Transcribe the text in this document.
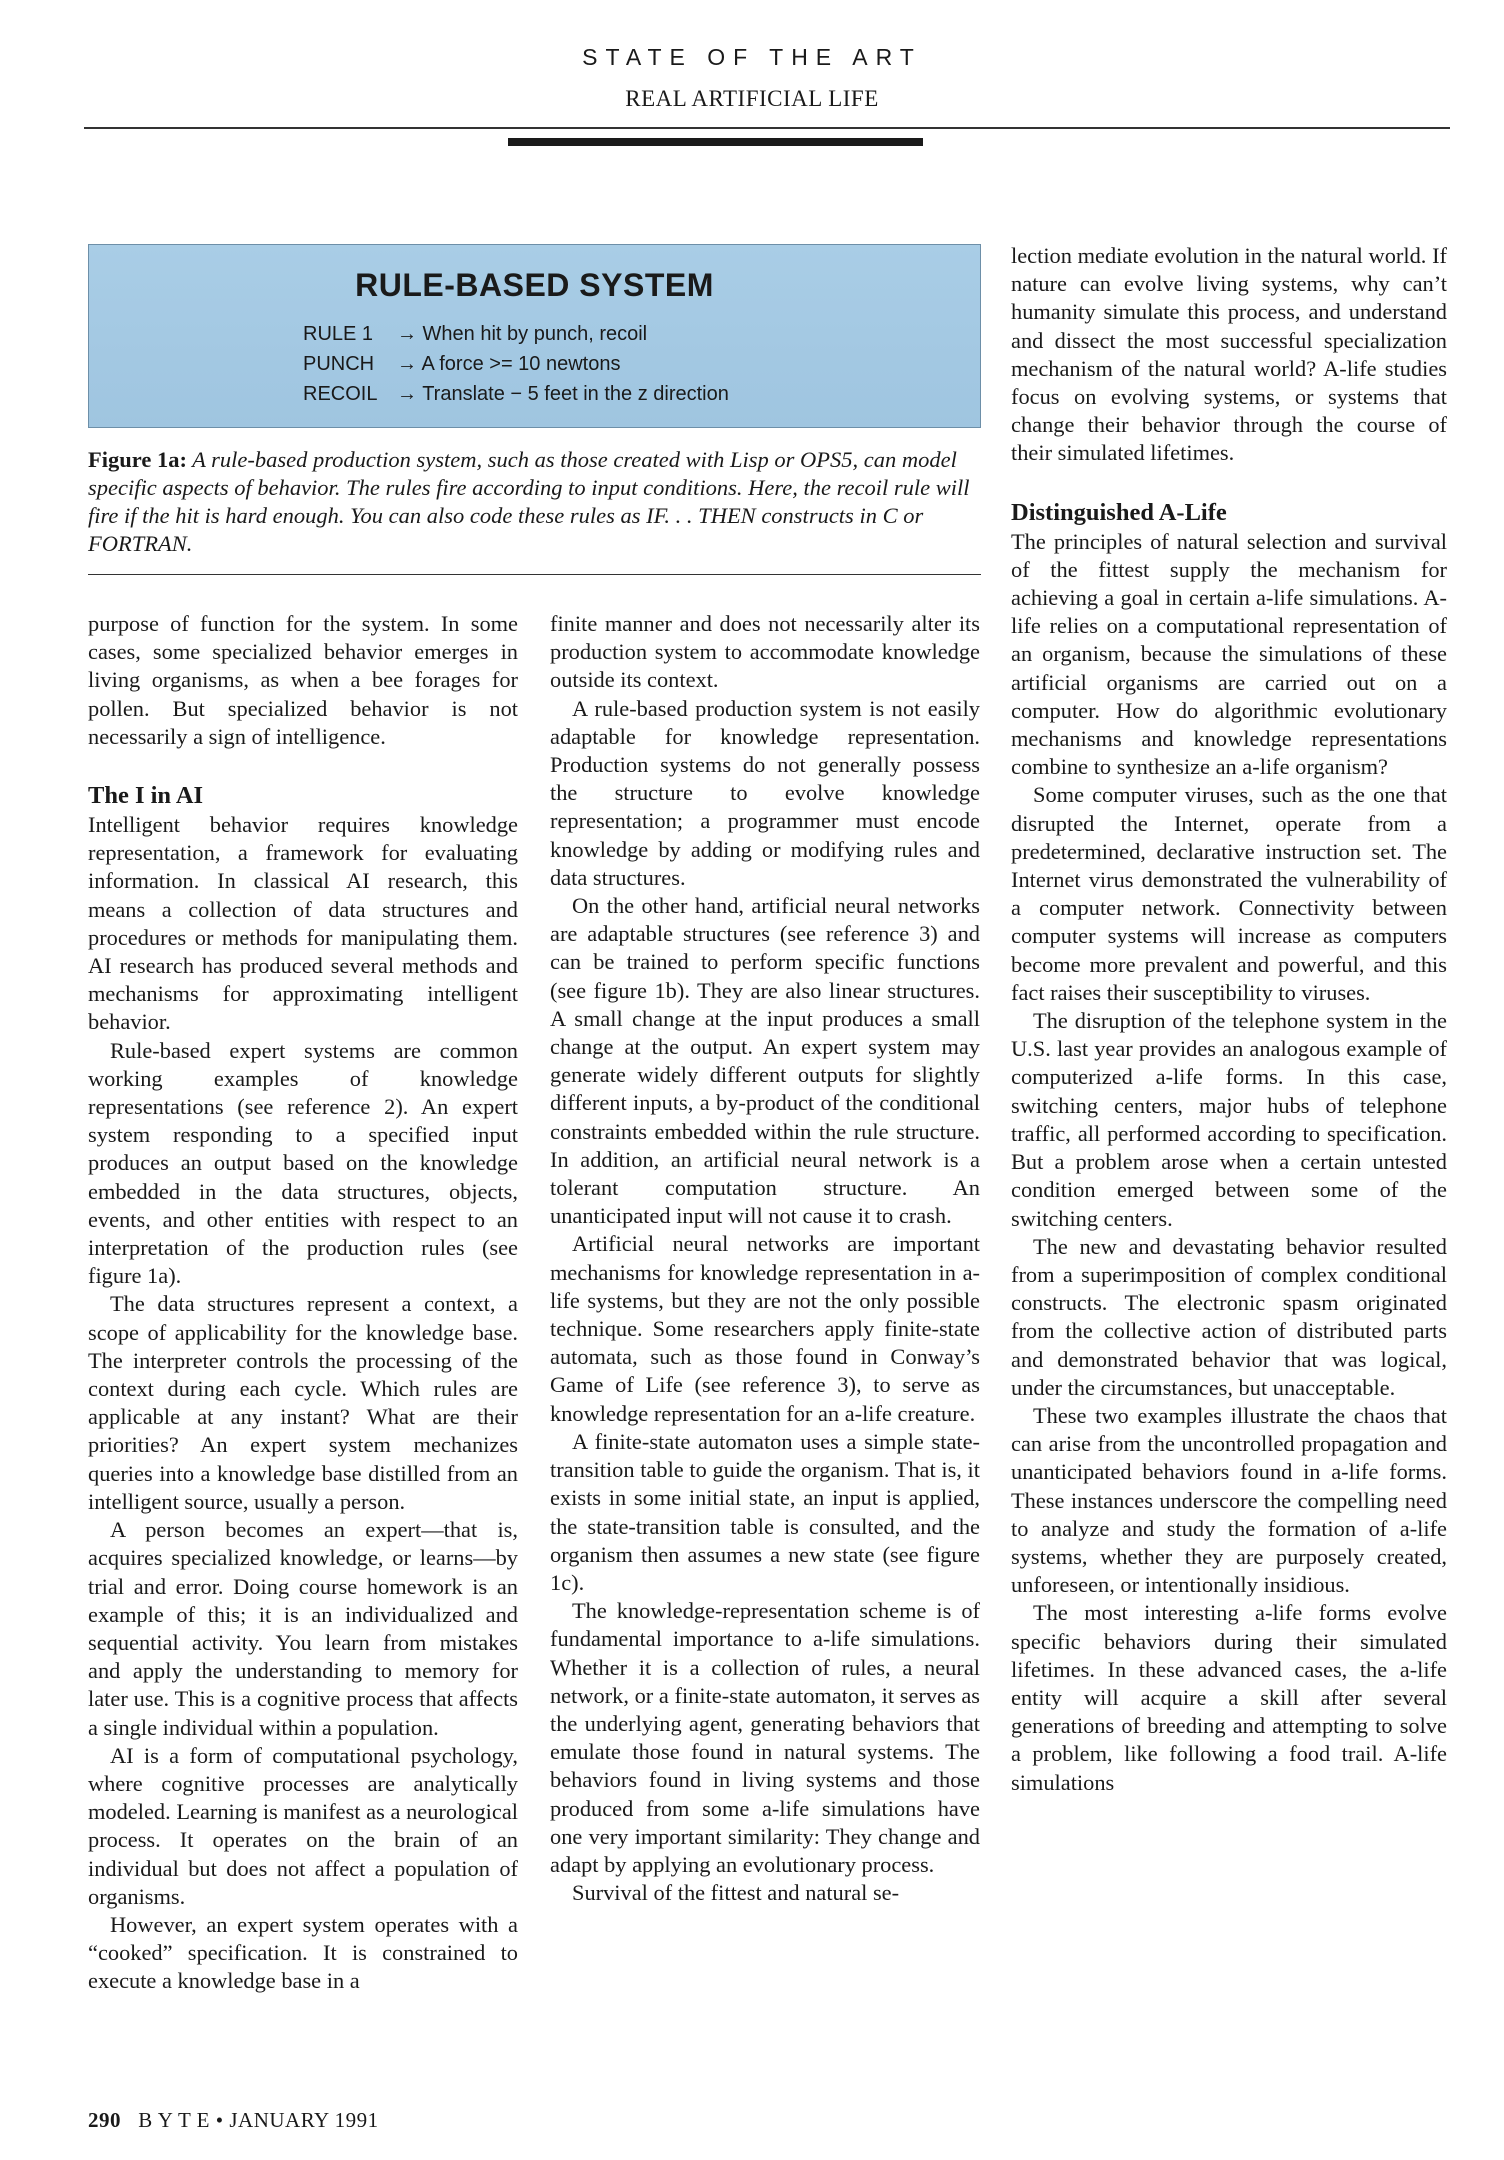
STATE OF THE ART
REAL ARTIFICIAL LIFE
RULE-BASED SYSTEM
RULE 1 → When hit by punch, recoil
PUNCH → A force >= 10 newtons
RECOIL → Translate − 5 feet in the z direction
Figure 1a: A rule-based production system, such as those created with Lisp or OPS5, can model specific aspects of behavior. The rules fire according to input conditions. Here, the recoil rule will fire if the hit is hard enough. You can also code these rules as IF. . . THEN constructs in C or FORTRAN.

purpose of function for the system. In some cases, some specialized behavior emerges in living organisms, as when a bee forages for pollen. But specialized behavior is not necessarily a sign of intelligence.

The I in AI

Intelligent behavior requires knowledge representation, a framework for evaluating information. In classical AI research, this means a collection of data structures and procedures or methods for manipulating them. AI research has produced several methods and mechanisms for approximating intelligent behavior.

Rule-based expert systems are common working examples of knowledge representations (see reference 2). An expert system responding to a specified input produces an output based on the knowledge embedded in the data structures, objects, events, and other entities with respect to an interpretation of the production rules (see figure 1a).

The data structures represent a context, a scope of applicability for the knowledge base. The interpreter controls the processing of the context during each cycle. Which rules are applicable at any instant? What are their priorities? An expert system mechanizes queries into a knowledge base distilled from an intelligent source, usually a person.

A person becomes an expert—that is, acquires specialized knowledge, or learns—by trial and error. Doing course homework is an example of this; it is an individualized and sequential activity. You learn from mistakes and apply the understanding to memory for later use. This is a cognitive process that affects a single individual within a population.

AI is a form of computational psychology, where cognitive processes are analytically modeled. Learning is manifest as a neurological process. It operates on the brain of an individual but does not affect a population of organisms.

However, an expert system operates with a “cooked” specification. It is constrained to execute a knowledge base in a

finite manner and does not necessarily alter its production system to accommodate knowledge outside its context.

A rule-based production system is not easily adaptable for knowledge representation. Production systems do not generally possess the structure to evolve knowledge representation; a programmer must encode knowledge by adding or modifying rules and data structures.

On the other hand, artificial neural networks are adaptable structures (see reference 3) and can be trained to perform specific functions (see figure 1b). They are also linear structures. A small change at the input produces a small change at the output. An expert system may generate widely different outputs for slightly different inputs, a by-product of the conditional constraints embedded within the rule structure. In addition, an artificial neural network is a tolerant computation structure. An unanticipated input will not cause it to crash.

Artificial neural networks are important mechanisms for knowledge representation in a-life systems, but they are not the only possible technique. Some researchers apply finite-state automata, such as those found in Conway’s Game of Life (see reference 3), to serve as knowledge representation for an a-life creature.

A finite-state automaton uses a simple state-transition table to guide the organism. That is, it exists in some initial state, an input is applied, the state-transition table is consulted, and the organism then assumes a new state (see figure 1c).

The knowledge-representation scheme is of fundamental importance to a-life simulations. Whether it is a collection of rules, a neural network, or a finite-state automaton, it serves as the underlying agent, generating behaviors that emulate those found in natural systems. The behaviors found in living systems and those produced from some a-life simulations have one very important similarity: They change and adapt by applying an evolutionary process.

Survival of the fittest and natural se-

lection mediate evolution in the natural world. If nature can evolve living systems, why can’t humanity simulate this process, and understand and dissect the most successful specialization mechanism of the natural world? A-life studies focus on evolving systems, or systems that change their behavior through the course of their simulated lifetimes.

Distinguished A-Life

The principles of natural selection and survival of the fittest supply the mechanism for achieving a goal in certain a-life simulations. A-life relies on a computational representation of an organism, because the simulations of these artificial organisms are carried out on a computer. How do algorithmic evolutionary mechanisms and knowledge representations combine to synthesize an a-life organism?

Some computer viruses, such as the one that disrupted the Internet, operate from a predetermined, declarative instruction set. The Internet virus demonstrated the vulnerability of a computer network. Connectivity between computer systems will increase as computers become more prevalent and powerful, and this fact raises their susceptibility to viruses.

The disruption of the telephone system in the U.S. last year provides an analogous example of computerized a-life forms. In this case, switching centers, major hubs of telephone traffic, all performed according to specification. But a problem arose when a certain untested condition emerged between some of the switching centers.

The new and devastating behavior resulted from a superimposition of complex conditional constructs. The electronic spasm originated from the collective action of distributed parts and demonstrated behavior that was logical, under the circumstances, but unacceptable.

These two examples illustrate the chaos that can arise from the uncontrolled propagation and unanticipated behaviors found in a-life forms. These instances underscore the compelling need to analyze and study the formation of a-life systems, whether they are purposely created, unforeseen, or intentionally insidious.

The most interesting a-life forms evolve specific behaviors during their simulated lifetimes. In these advanced cases, the a-life entity will acquire a skill after several generations of breeding and attempting to solve a problem, like following a food trail. A-life simulations

290 B Y T E • JANUARY 1991
